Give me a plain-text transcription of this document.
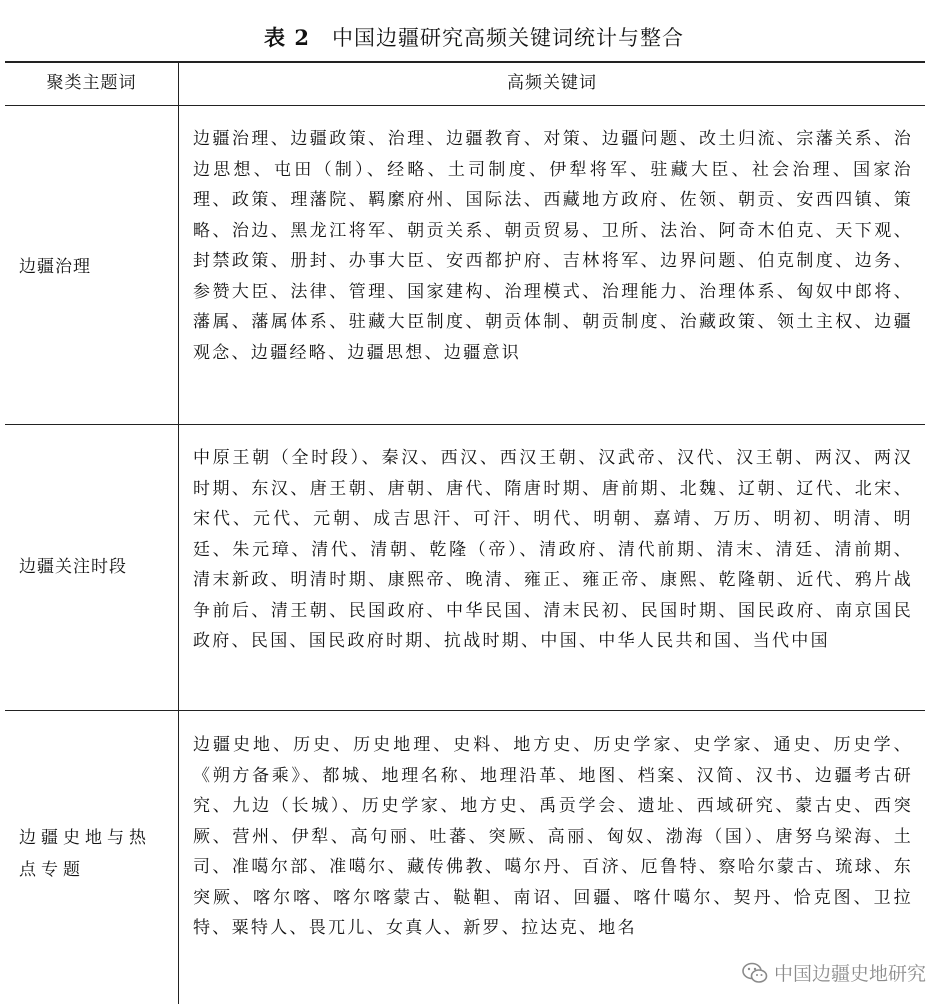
表 2 中国边疆研究高频关键词统计与整合
聚类主题词	高频关键词
边疆治理
边疆治理、边疆政策、治理、边疆教育、对策、边疆问题、改土归流、宗藩关系、治边思想、屯田（制）、经略、土司制度、伊犁将军、驻藏大臣、社会治理、国家治理、政策、理藩院、羁縻府州、国际法、西藏地方政府、佐领、朝贡、安西四镇、策略、治边、黑龙江将军、朝贡关系、朝贡贸易、卫所、法治、阿奇木伯克、天下观、封禁政策、册封、办事大臣、安西都护府、吉林将军、边界问题、伯克制度、边务、参赞大臣、法律、管理、国家建构、治理模式、治理能力、治理体系、匈奴中郎将、藩属、藩属体系、驻藏大臣制度、朝贡体制、朝贡制度、治藏政策、领土主权、边疆观念、边疆经略、边疆思想、边疆意识
边疆关注时段
中原王朝（全时段）、秦汉、西汉、西汉王朝、汉武帝、汉代、汉王朝、两汉、两汉时期、东汉、唐王朝、唐朝、唐代、隋唐时期、唐前期、北魏、辽朝、辽代、北宋、宋代、元代、元朝、成吉思汗、可汗、明代、明朝、嘉靖、万历、明初、明清、明廷、朱元璋、清代、清朝、乾隆（帝）、清政府、清代前期、清末、清廷、清前期、清末新政、明清时期、康熙帝、晚清、雍正、雍正帝、康熙、乾隆朝、近代、鸦片战争前后、清王朝、民国政府、中华民国、清末民初、民国时期、国民政府、南京国民政府、民国、国民政府时期、抗战时期、中国、中华人民共和国、当代中国
边疆史地与热点专题
边疆史地、历史、历史地理、史料、地方史、历史学家、史学家、通史、历史学、《朔方备乘》、都城、地理名称、地理沿革、地图、档案、汉简、汉书、边疆考古研究、九边（长城）、历史学家、地方史、禹贡学会、遗址、西域研究、蒙古史、西突厥、营州、伊犁、高句丽、吐蕃、突厥、高丽、匈奴、渤海（国）、唐努乌梁海、土司、准噶尔部、准噶尔、藏传佛教、噶尔丹、百济、厄鲁特、察哈尔蒙古、琉球、东突厥、喀尔喀、喀尔喀蒙古、鞑靼、南诏、回疆、喀什噶尔、契丹、恰克图、卫拉特、粟特人、畏兀儿、女真人、新罗、拉达克、地名
中国边疆史地研究
